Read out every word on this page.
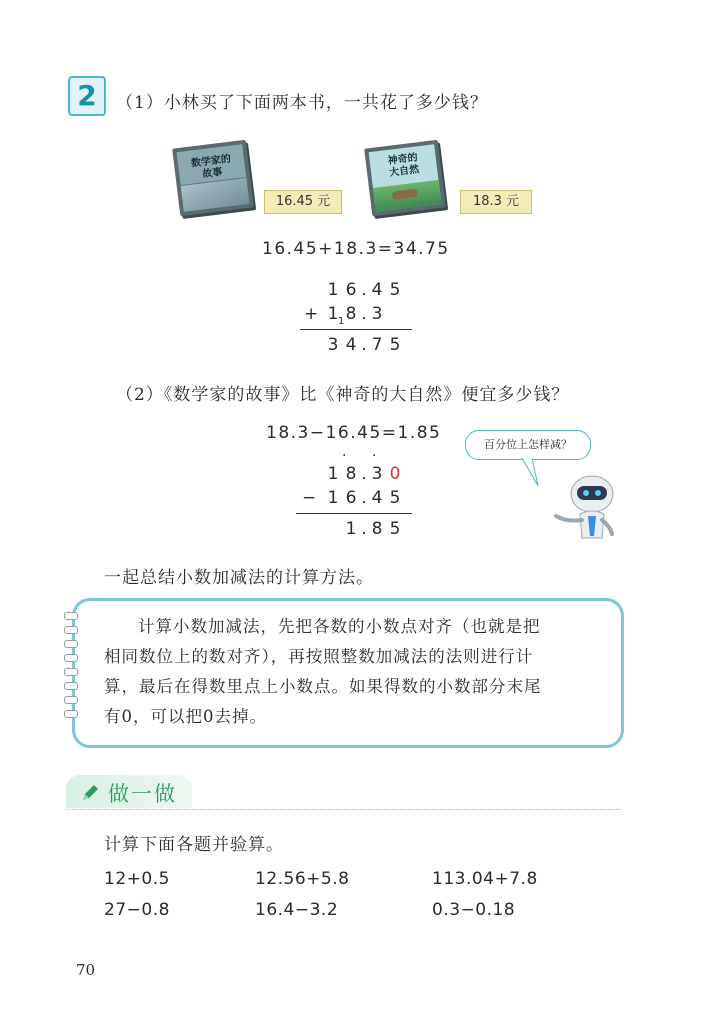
2	（1）小林买了下面两本书，一共花了多少钱？
数学家的
故事
16.45 元
神奇的
大自然
18.3 元
16.45+18.3=34.75
1 6 . 4 5
+ 1 8 . 3
1
3 4 . 7 5
（2）《数学家的故事》比《神奇的大自然》便宜多少钱？
18.3−16.45=1.85
· ·
1 8 . 3 0
− 1 6 . 4 5
1 . 8 5
百分位上怎样减？
一起总结小数加减法的计算方法。
计算小数加减法，先把各数的小数点对齐（也就是把
相同数位上的数对齐），再按照整数加减法的法则进行计
算，最后在得数里点上小数点。如果得数的小数部分末尾
有0，可以把0去掉。
做一做
计算下面各题并验算。
12+0.5	12.56+5.8	113.04+7.8
27−0.8	16.4−3.2	0.3−0.18
70
